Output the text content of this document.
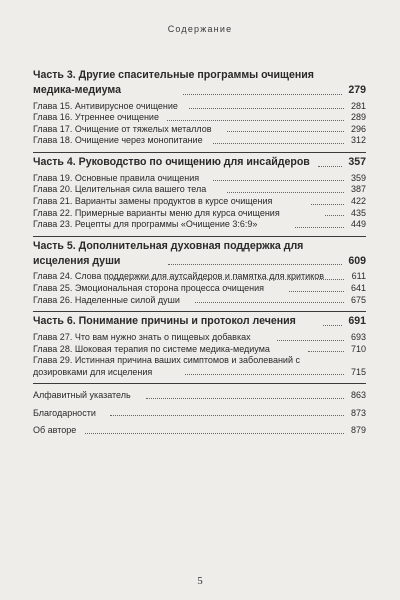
Содержание
Часть 3. Другие спасительные программы очищения медика-медиума	279
Глава 15. Антивирусное очищение	281
Глава 16. Утреннее очищение	289
Глава 17. Очищение от тяжелых металлов	296
Глава 18. Очищение через монопитание	312
Часть 4. Руководство по очищению для инсайдеров	357
Глава 19. Основные правила очищения	359
Глава 20. Целительная сила вашего тела	387
Глава 21. Варианты замены продуктов в курсе очищения	422
Глава 22. Примерные варианты меню для курса очищения	435
Глава 23. Рецепты для программы «Очищение 3:6:9»	449
Часть 5. Дополнительная духовная поддержка для исцеления души	609
Глава 24. Слова поддержки для аутсайдеров и памятка для критиков	611
Глава 25. Эмоциональная сторона процесса очищения	641
Глава 26. Наделенные силой души	675
Часть 6. Понимание причины и протокол лечения	691
Глава 27. Что вам нужно знать о пищевых добавках	693
Глава 28. Шоковая терапия по системе медика-медиума	710
Глава 29. Истинная причина ваших симптомов и заболеваний с дозировками для исцеления	715
Алфавитный указатель	863
Благодарности	873
Об авторе	879
5
